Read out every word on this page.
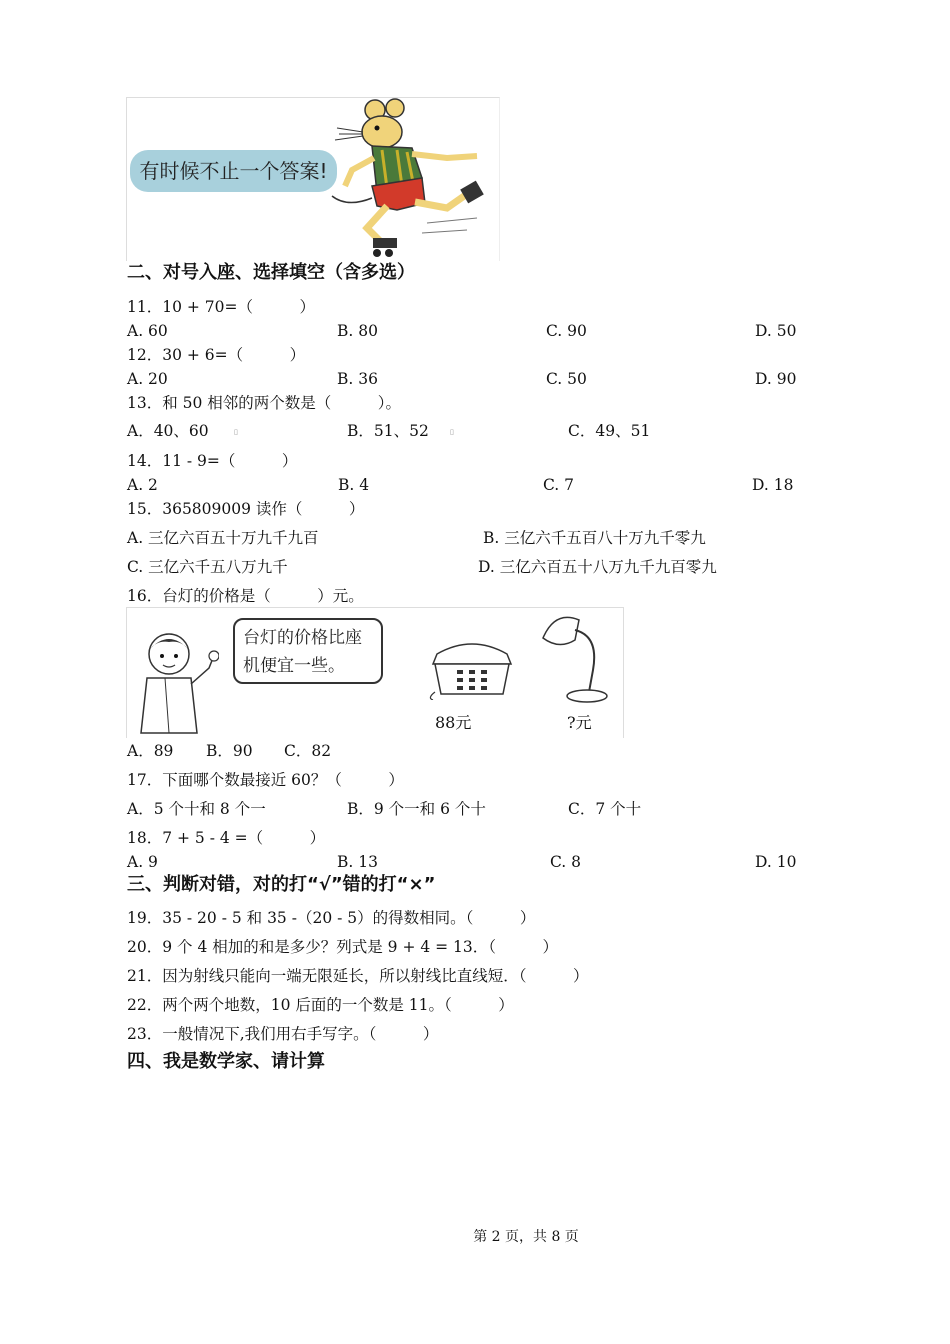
有时候不止一个答案!
二、对号入座、选择填空（含多选）
11．10 + 70=（　　　）
A. 60	B. 80	C. 90	D. 50
12．30 + 6=（　　　）
A. 20	B. 36	C. 50	D. 90
13．和 50 相邻的两个数是（　　　）。
A．40、60	▯	B．51、52	▯	C．49、51
14．11 - 9=（　　　）
A. 2	B. 4	C. 7	D. 18
15．365809009 读作（　　　）
A. 三亿六百五十万九千九百	B. 三亿六千五百八十万九千零九
C. 三亿六千五八万九千	D. 三亿六百五十八万九千九百零九
16．台灯的价格是（　　　）元。
台灯的价格比座机便宜一些。
88元	?元
A．89 B．90 C．82
17．下面哪个数最接近 60？（　　　）
A．5 个十和 8 个一	B．9 个一和 6 个十	C．7 个十
18．7 + 5 - 4 =（　　　）
A. 9	B. 13	C. 8	D. 10
三、判断对错，对的打“√”错的打“×”
19．35 - 20 - 5 和 35 -（20 - 5）的得数相同。（　　　）
20．9 个 4 相加的和是多少？列式是 9 + 4 = 13．（　　　）
21．因为射线只能向一端无限延长，所以射线比直线短．（　　　）
22．两个两个地数，10 后面的一个数是 11。（　　　）
23．一般情况下,我们用右手写字。（　　　）
四、我是数学家、请计算
第 2 页，共 8 页
